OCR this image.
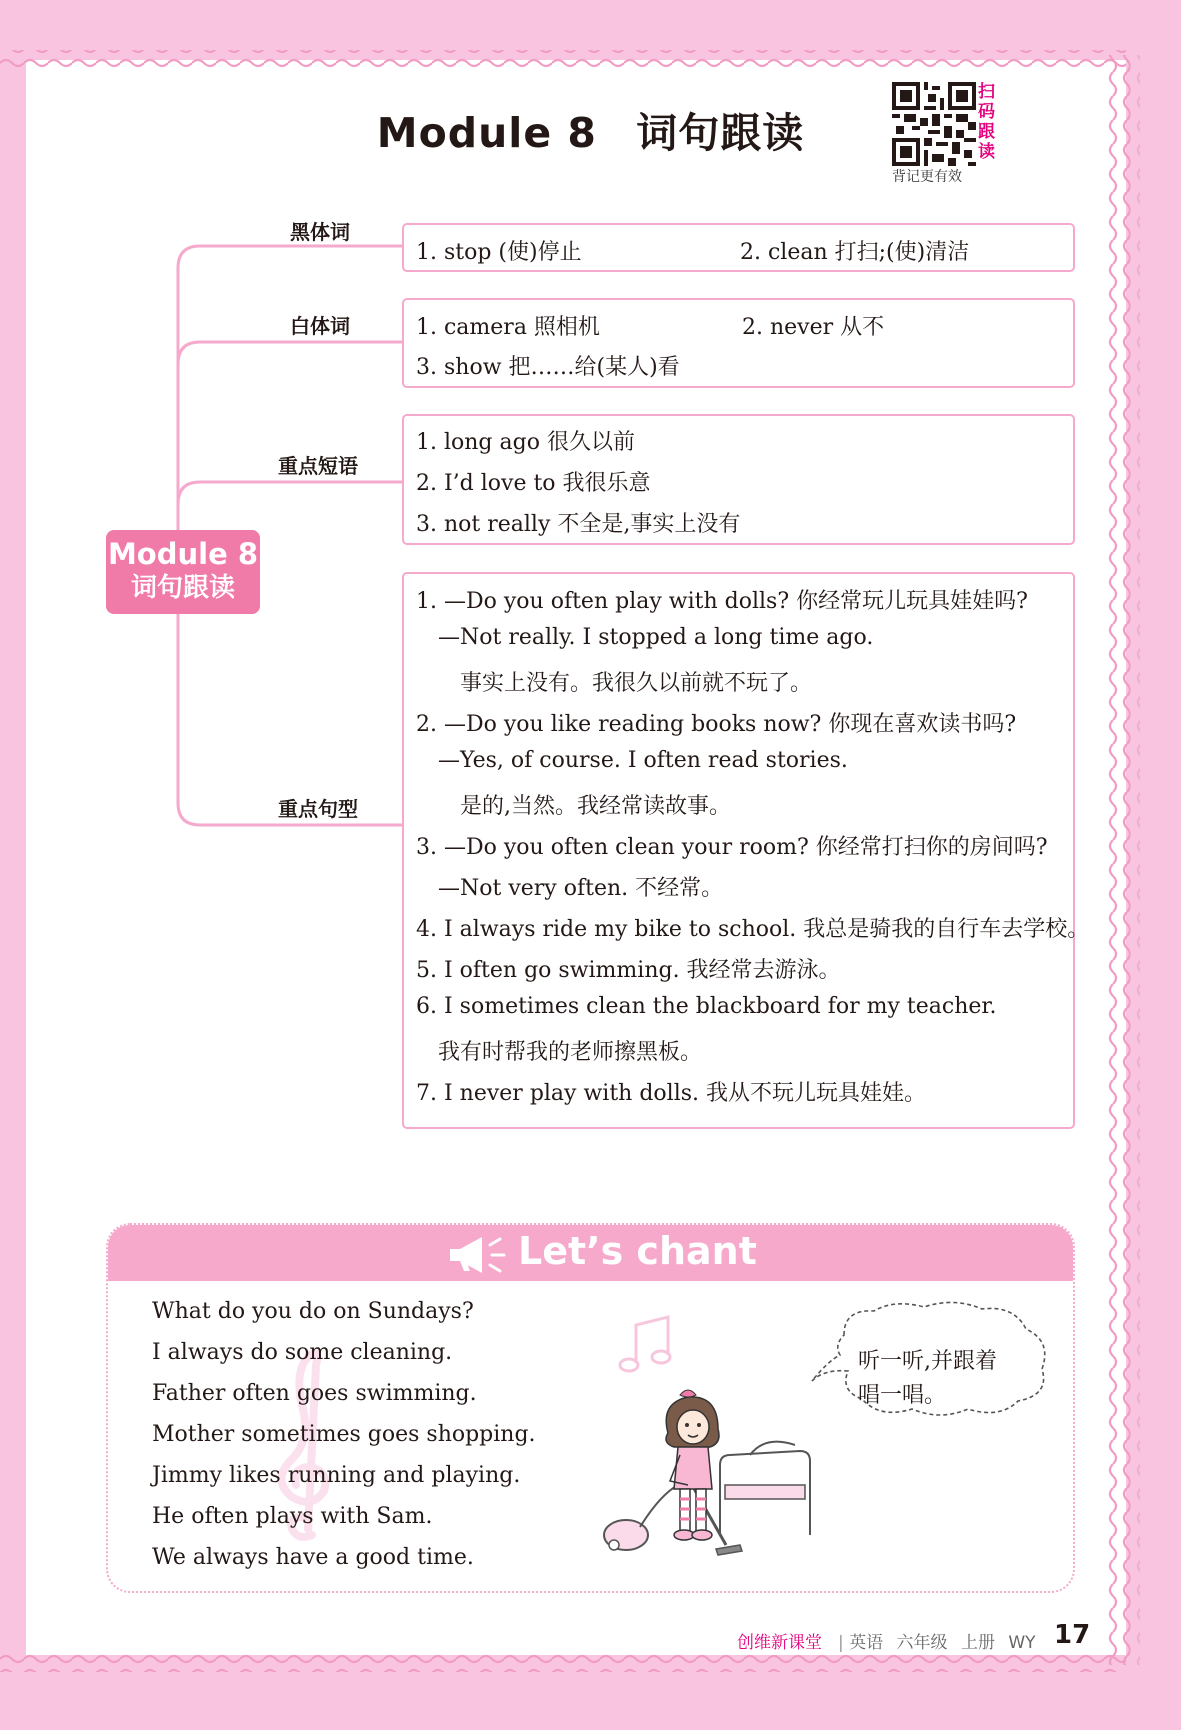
Module 8 词句跟读
扫
码
跟
读
背记更有效
黑体词
白体词
重点短语
重点句型
Module 8
词句跟读
1. stop (使)停止	2. clean 打扫;(使)清洁
1. camera 照相机	2. never 从不
3. show 把……给(某人)看
1. long ago 很久以前
2. I’d love to 我很乐意
3. not really 不全是,事实上没有
1. —Do you often play with dolls? 你经常玩儿玩具娃娃吗?
—Not really. I stopped a long time ago.
事实上没有。我很久以前就不玩了。
2. —Do you like reading books now? 你现在喜欢读书吗?
—Yes, of course. I often read stories.
是的,当然。我经常读故事。
3. —Do you often clean your room? 你经常打扫你的房间吗?
—Not very often. 不经常。
4. I always ride my bike to school. 我总是骑我的自行车去学校。
5. I often go swimming. 我经常去游泳。
6. I sometimes clean the blackboard for my teacher.
我有时帮我的老师擦黑板。
7. I never play with dolls. 我从不玩儿玩具娃娃。
Let’s chant
What do you do on Sundays?
I always do some cleaning.
Father often goes swimming.
Mother sometimes goes shopping.
Jimmy likes running and playing.
He often plays with Sam.
We always have a good time.
听一听,并跟着
唱一唱。
创维新课堂 | 英语 六年级 上册 WY 17
